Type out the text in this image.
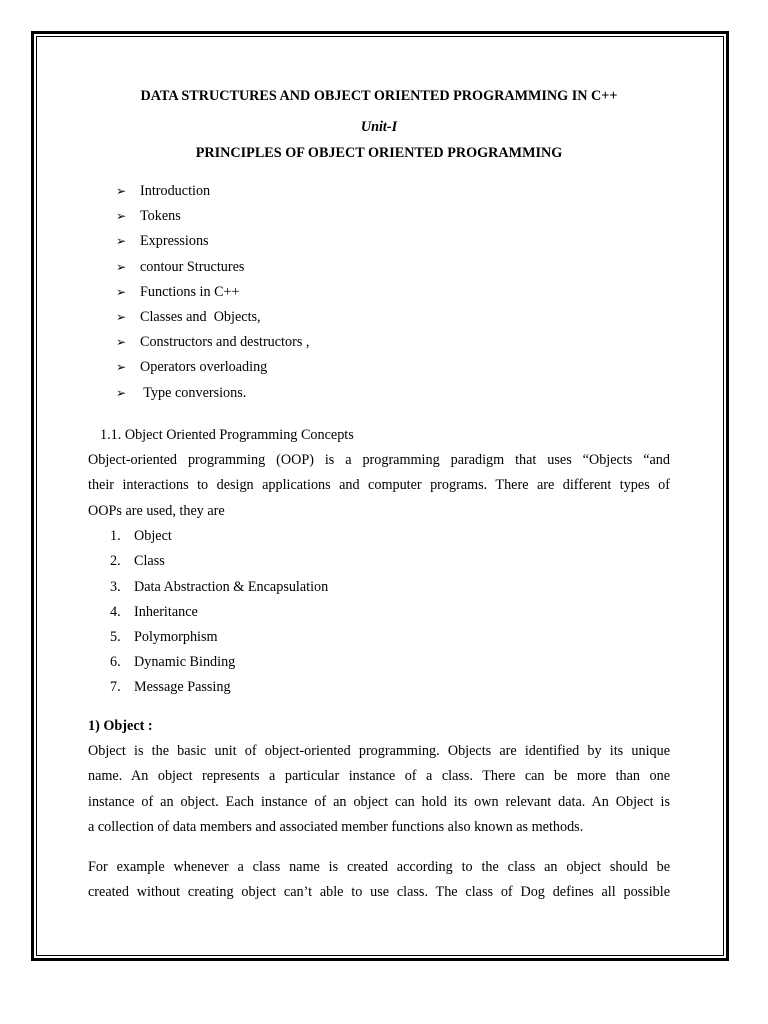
DATA STRUCTURES AND OBJECT ORIENTED PROGRAMMING IN C++
Unit-I
PRINCIPLES OF OBJECT ORIENTED PROGRAMMING
➢ Introduction
➢ Tokens
➢ Expressions
➢ contour Structures
➢ Functions in C++
➢ Classes and  Objects,
➢ Constructors and destructors ,
➢ Operators overloading
➢ Type conversions.
1.1. Object Oriented Programming Concepts
Object-oriented programming (OOP) is a programming paradigm that uses “Objects “and
their interactions to design applications and computer programs. There are different types of
OOPs are used, they are
1. Object
2. Class
3. Data Abstraction & Encapsulation
4. Inheritance
5. Polymorphism
6. Dynamic Binding
7. Message Passing
1) Object :
Object is the basic unit of object-oriented programming. Objects are identified by its unique
name. An object represents a particular instance of a class. There can be more than one
instance of an object. Each instance of an object can hold its own relevant data. An Object is
a collection of data members and associated member functions also known as methods.
For example whenever a class name is created according to the class an object should be
created without creating object can’t able to use class. The class of Dog defines all possible
